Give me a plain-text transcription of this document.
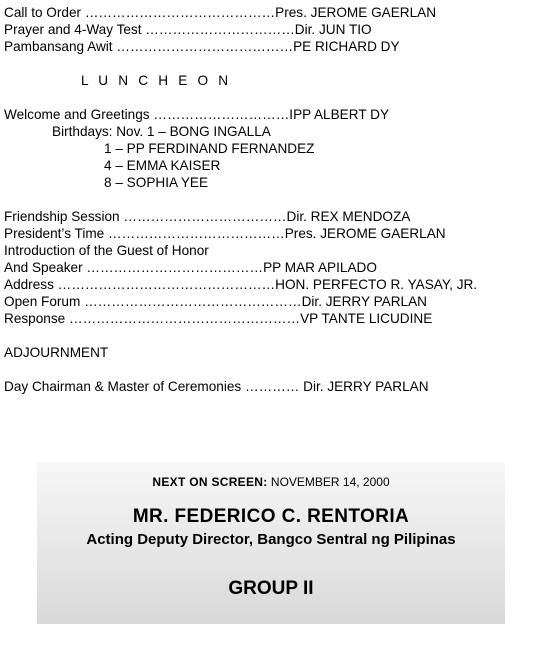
Call to Order ……………………………………Pres. JEROME GAERLAN
Prayer and 4-Way Test ……………………………Dir. JUN TIO
Pambansang Awit …………………………………PE RICHARD DY
L U N C H E O N
Welcome and Greetings …………………………IPP ALBERT DY
Birthdays: Nov. 1 – BONG INGALLA
1 – PP FERDINAND FERNANDEZ
4 – EMMA KAISER
8 – SOPHIA YEE
Friendship Session ………………………………Dir. REX MENDOZA
President’s Time …………………………………Pres. JEROME GAERLAN
Introduction of the Guest of Honor
And Speaker …………………………………PP MAR APILADO
Address …………………………………………HON. PERFECTO R. YASAY, JR.
Open Forum …………………………………………Dir. JERRY PARLAN
Response ……………………………………………VP TANTE LICUDINE
ADJOURNMENT
Day Chairman & Master of Ceremonies ………… Dir. JERRY PARLAN
NEXT ON SCREEN: NOVEMBER 14, 2000
MR. FEDERICO C. RENTORIA
Acting Deputy Director, Bangco Sentral ng Pilipinas
GROUP II
